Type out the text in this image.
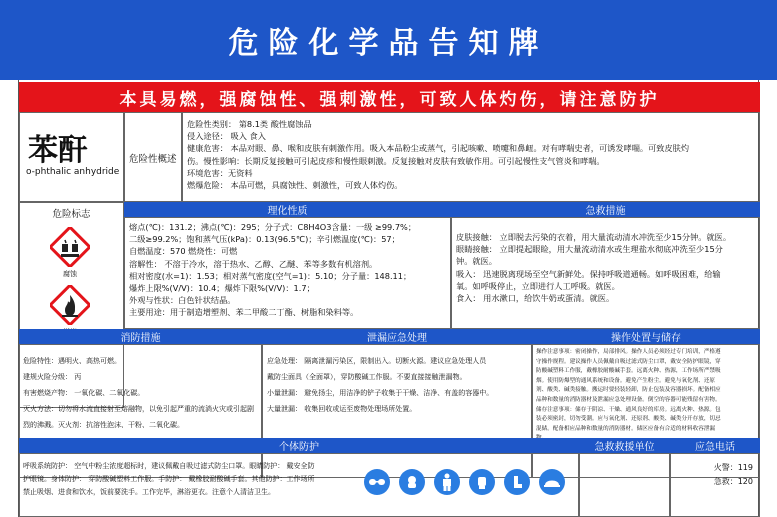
危险化学品告知牌
本具易燃，强腐蚀性、强刺激性，可致人体灼伤，请注意防护
苯酐
o-phthalic anhydride
危险性概述
危险性类别： 第8.1类 酸性腐蚀品
侵入途径： 吸入 食入
健康危害： 本品对眼、鼻、喉和皮肤有刺激作用。吸入本品粉尘或蒸气，引起咳嗽、喷嚏和鼻衄。对有哮喘史者，可诱发哮喘。可致皮肤灼
伤。慢性影响：长期反复接触可引起皮疹和慢性眼刺激。反复接触对皮肤有致敏作用。可引起慢性支气管炎和哮喘。
环境危害：无资料
燃爆危险： 本品可燃，具腐蚀性、刺激性，可致人体灼伤。
危险标志
腐蚀
理化性质
熔点(℃)：131.2；沸点(℃)：295；分子式：C8H4O3含量：一级 ≥99.7%；
二级≥99.2%；饱和蒸气压(kPa)：0.13(96.5℃)；辛引燃温度(℃)：57；
自燃温度：570 燃烧性：可燃
溶解性： 不溶于冷水，溶于热水、乙醇、乙醚、苯等多数有机溶剂。
相对密度(水=1)：1.53；相对蒸气密度(空气=1)：5.10；分子量：148.11；
爆炸上限%(V/V)：10.4；爆炸下限%(V/V)：1.7；
外观与性状：白色针状结晶。
主要用途：用于制造增塑剂、苯二甲酸二丁酯、树脂和染料等。
急救措施
皮肤接触： 立即脱去污染的衣着，用大量流动清水冲洗至少15分钟。就医。
眼睛接触： 立即提起眼睑，用大量流动清水或生理盐水彻底冲洗至少15分
钟。就医。
吸入： 迅速脱离现场至空气新鲜处。保持呼吸道通畅。如呼吸困难，给输
氧。如呼吸停止，立即进行人工呼吸。就医。
食入： 用水漱口，给饮牛奶或蛋清。就医。
消防措施
危险特性：遇明火、高热可燃。
建规火险分级： 丙
有害燃烧产物： 一氧化碳、二氧化碳。
灭火方法：切勿将水流直接射至熔融物，以免引起严重的流淌火灾或引起剧
烈的沸溅。灭火剂：抗溶性泡沫、干粉、二氧化碳。
泄漏应急处理
应急处理： 隔离泄漏污染区，限制出入。切断火源。建议应急处理人员
戴防尘面具（全面罩），穿防酸碱工作服。不要直接接触泄漏物。
小量泄漏： 避免扬尘，用洁净的铲子收集于干燥、洁净、有盖的容器中。
大量泄漏： 收集回收或运至废物处理场所处置。
操作处置与储存
操作注意事项：密闭操作，局部排风。操作人员必须经过专门培训，严格遵
守操作规程。建议操作人员佩戴自吸过滤式防尘口罩，戴安全防护眼镜，穿
防酸碱塑料工作服，戴橡胶耐酸碱手套。远离火种、热源，工作场所严禁吸
烟。使用防爆型的通风系统和设备。避免产生粉尘。避免与氧化剂、还原
剂、酸类、碱类接触。搬运时要轻装轻卸，防止包装及容器损坏。配备相应
品种和数量的消防器材及泄漏应急处理设备。倒空的容器可能残留有害物。
储存注意事项：储存于阴凉、干燥、通风良好的库房。远离火种、热源。包
装必须密封，切勿受潮。应与氧化剂、还原剂、酸类、碱类分开存放，切忌
混储。配备相应品种和数量的消防器材。储区应备有合适的材料收容泄漏
个体防护
呼吸系统防护： 空气中粉尘浓度超标时，建议佩戴自吸过滤式防尘口罩。眼睛防护： 戴安全防
护眼镜。身体防护： 穿防酸碱塑料工作服。手防护： 戴橡胶耐酸碱手套。其他防护：工作场所
禁止吸烟、进食和饮水，饭前要洗手。工作完毕，淋浴更衣。注意个人清洁卫生。
急救救援单位	应急电话
火警：119
急救：120
